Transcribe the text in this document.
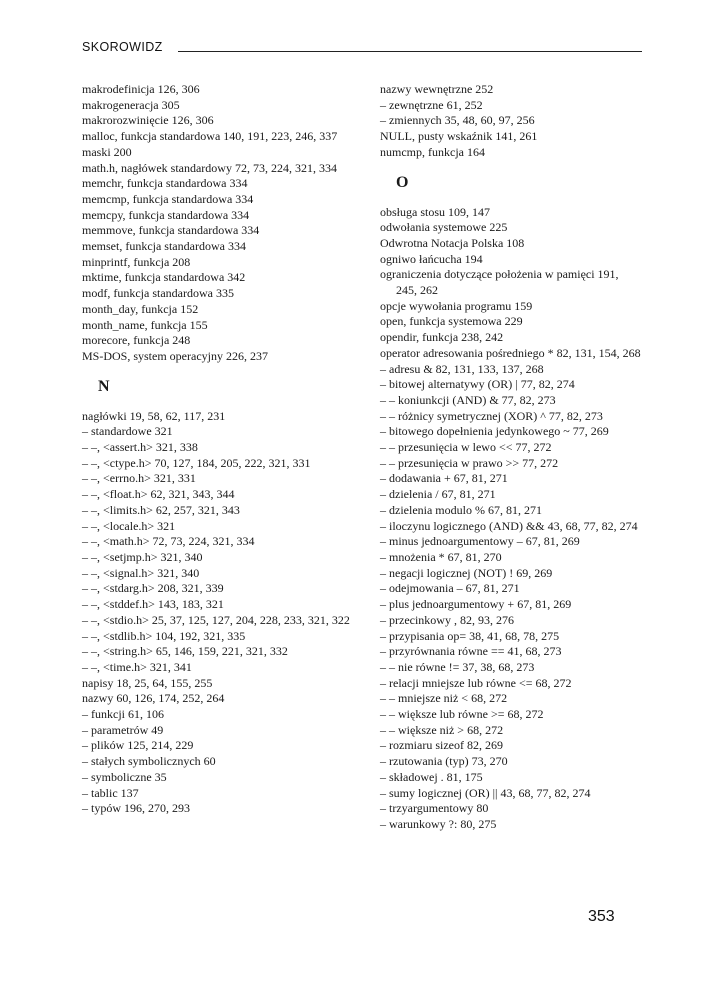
SKOROWIDZ
makrodefinicja 126, 306
makrogeneracja 305
makrorozwinięcie 126, 306
malloc, funkcja standardowa 140, 191, 223, 246, 337
maski 200
math.h, nagłówek standardowy 72, 73, 224, 321, 334
memchr, funkcja standardowa 334
memcmp, funkcja standardowa 334
memcpy, funkcja standardowa 334
memmove, funkcja standardowa 334
memset, funkcja standardowa 334
minprintf, funkcja 208
mktime, funkcja standardowa 342
modf, funkcja standardowa 335
month_day, funkcja 152
month_name, funkcja 155
morecore, funkcja 248
MS-DOS, system operacyjny 226, 237
N
nagłówki 19, 58, 62, 117, 231
– standardowe 321
– –, <assert.h> 321, 338
– –, <ctype.h> 70, 127, 184, 205, 222, 321, 331
– –, <errno.h> 321, 331
– –, <float.h> 62, 321, 343, 344
– –, <limits.h> 62, 257, 321, 343
– –, <locale.h> 321
– –, <math.h> 72, 73, 224, 321, 334
– –, <setjmp.h> 321, 340
– –, <signal.h> 321, 340
– –, <stdarg.h> 208, 321, 339
– –, <stddef.h> 143, 183, 321
– –, <stdio.h> 25, 37, 125, 127, 204, 228, 233, 321, 322
– –, <stdlib.h> 104, 192, 321, 335
– –, <string.h> 65, 146, 159, 221, 321, 332
– –, <time.h> 321, 341
napisy 18, 25, 64, 155, 255
nazwy 60, 126, 174, 252, 264
– funkcji 61, 106
– parametrów 49
– plików 125, 214, 229
– stałych symbolicznych 60
– symboliczne 35
– tablic 137
– typów 196, 270, 293
nazwy wewnętrzne 252
– zewnętrzne 61, 252
– zmiennych 35, 48, 60, 97, 256
NULL, pusty wskaźnik 141, 261
numcmp, funkcja 164
O
obsługa stosu 109, 147
odwołania systemowe 225
Odwrotna Notacja Polska 108
ogniwo łańcucha 194
ograniczenia dotyczące położenia w pamięci 191, 245, 262
opcje wywołania programu 159
open, funkcja systemowa 229
opendir, funkcja 238, 242
operator adresowania pośredniego * 82, 131, 154, 268
– adresu & 82, 131, 133, 137, 268
– bitowej alternatywy (OR) | 77, 82, 274
– – koniunkcji (AND) & 77, 82, 273
– – różnicy symetrycznej (XOR) ^ 77, 82, 273
– bitowego dopełnienia jedynkowego ~ 77, 269
– – przesunięcia w lewo << 77, 272
– – przesunięcia w prawo >> 77, 272
– dodawania + 67, 81, 271
– dzielenia / 67, 81, 271
– dzielenia modulo % 67, 81, 271
– iloczynu logicznego (AND) && 43, 68, 77, 82, 274
– minus jednoargumentowy – 67, 81, 269
– mnożenia * 67, 81, 270
– negacji logicznej (NOT) ! 69, 269
– odejmowania – 67, 81, 271
– plus jednoargumentowy + 67, 81, 269
– przecinkowy , 82, 93, 276
– przypisania op= 38, 41, 68, 78, 275
– przyrównania równe == 41, 68, 273
– – nie równe != 37, 38, 68, 273
– relacji mniejsze lub równe <= 68, 272
– – mniejsze niż < 68, 272
– – większe lub równe >= 68, 272
– – większe niż > 68, 272
– rozmiaru sizeof 82, 269
– rzutowania (typ) 73, 270
– składowej . 81, 175
– sumy logicznej (OR) || 43, 68, 77, 82, 274
– trzyargumentowy 80
– warunkowy ?: 80, 275
353
